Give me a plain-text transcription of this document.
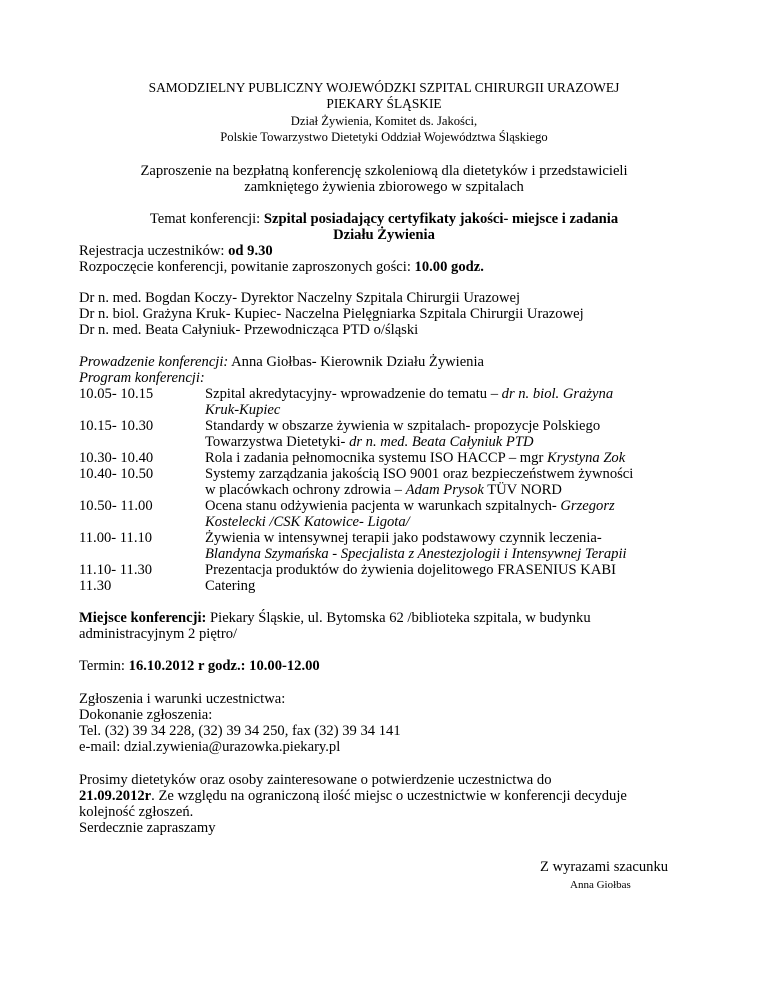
SAMODZIELNY PUBLICZNY WOJEWÓDZKI SZPITAL CHIRURGII URAZOWEJ
PIEKARY ŚLĄSKIE
Dział Żywienia, Komitet ds. Jakości,
Polskie Towarzystwo Dietetyki Oddział Województwa Śląskiego
Zaproszenie na bezpłatną konferencję szkoleniową dla dietetyków i przedstawicieli
zamkniętego żywienia zbiorowego w szpitalach
Temat konferencji: Szpital posiadający certyfikaty jakości- miejsce i zadania
Działu Żywienia
Rejestracja uczestników: od 9.30
Rozpoczęcie konferencji, powitanie zaproszonych gości: 10.00 godz.
Dr n. med. Bogdan Koczy- Dyrektor Naczelny Szpitala Chirurgii Urazowej
Dr n. biol. Grażyna Kruk- Kupiec- Naczelna Pielęgniarka Szpitala Chirurgii Urazowej
Dr n. med. Beata Całyniuk- Przewodnicząca PTD o/śląski
Prowadzenie konferencji: Anna Giołbas- Kierownik Działu Żywienia
Program konferencji:
10.05- 10.15	Szpital akredytacyjny- wprowadzenie do tematu – dr n. biol. Grażyna
Kruk-Kupiec
10.15- 10.30	Standardy w obszarze żywienia w szpitalach- propozycje Polskiego
Towarzystwa Dietetyki- dr n. med. Beata Całyniuk PTD
10.30- 10.40	Rola i zadania pełnomocnika systemu ISO HACCP – mgr Krystyna Zok
10.40- 10.50	Systemy zarządzania jakością ISO 9001 oraz bezpieczeństwem żywności
w placówkach ochrony zdrowia – Adam Prysok TÜV NORD
10.50- 11.00	Ocena stanu odżywienia pacjenta w warunkach szpitalnych- Grzegorz
Kostelecki /CSK Katowice- Ligota/
11.00- 11.10	Żywienia w intensywnej terapii jako podstawowy czynnik leczenia-
Blandyna Szymańska - Specjalista z Anestezjologii i Intensywnej Terapii
11.10- 11.30	Prezentacja produktów do żywienia dojelitowego FRASENIUS KABI
11.30	Catering
Miejsce konferencji: Piekary Śląskie, ul. Bytomska 62 /biblioteka szpitala, w budynku
administracyjnym 2 piętro/
Termin: 16.10.2012 r godz.: 10.00-12.00
Zgłoszenia i warunki uczestnictwa:
Dokonanie zgłoszenia:
Tel. (32) 39 34 228, (32) 39 34 250, fax (32) 39 34 141
e-mail: dzial.zywienia@urazowka.piekary.pl
Prosimy dietetyków oraz osoby zainteresowane o potwierdzenie uczestnictwa do
21.09.2012r. Ze względu na ograniczoną ilość miejsc o uczestnictwie w konferencji decyduje
kolejność zgłoszeń.
Serdecznie zapraszamy
Z wyrazami szacunku
Anna Giołbas
